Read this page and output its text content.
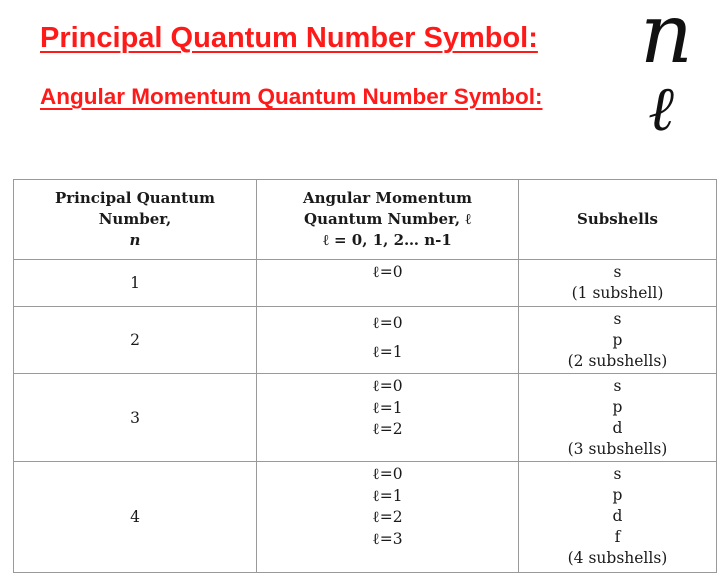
Principal Quantum Number Symbol: n
Angular Momentum Quantum Number Symbol: ℓ
Principal Quantum
Number,
n	Angular Momentum
Quantum Number, ℓ
ℓ = 0, 1, 2… n-1	Subshells
1	ℓ=0	s
(1 subshell)

2	ℓ=0
ℓ=1	s
p
(2 subshells)

3	ℓ=0
ℓ=1
ℓ=2	s
p
d
(3 subshells)

4	ℓ=0
ℓ=1
ℓ=2
ℓ=3	s
p
d
f
(4 subshells)
